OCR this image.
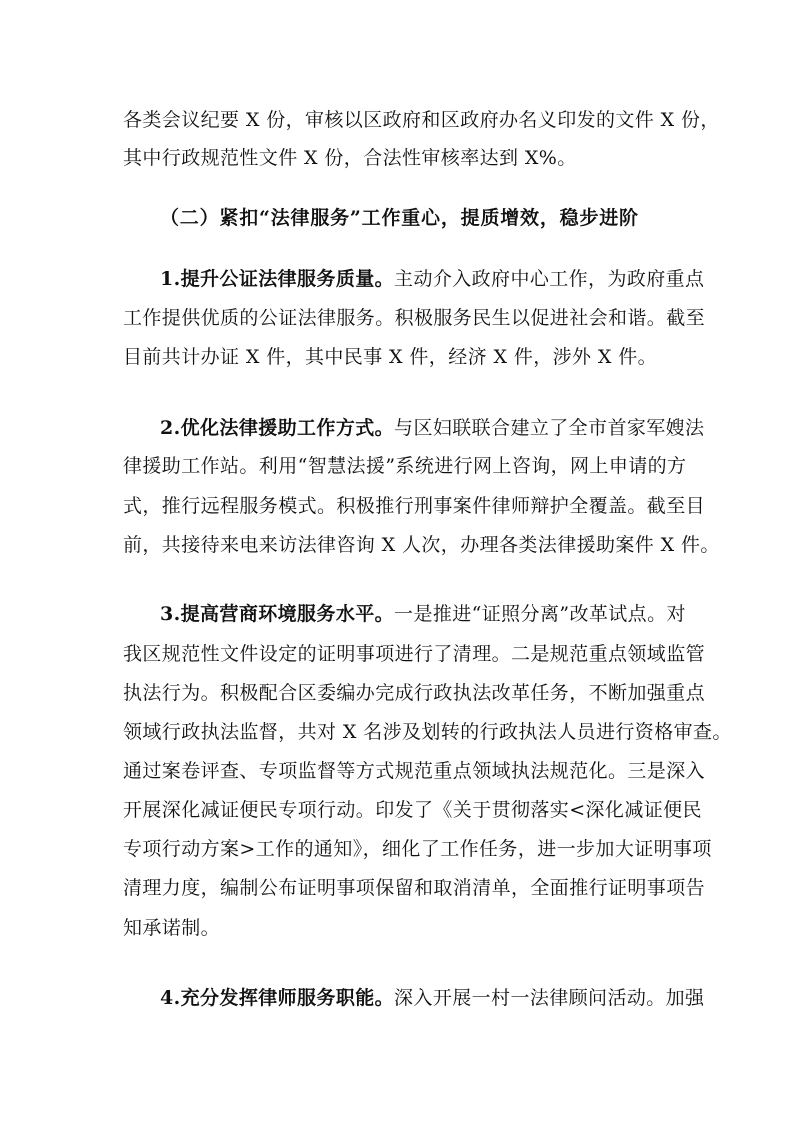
各类会议纪要 X 份，审核以区政府和区政府办名义印发的文件 X 份，
其中行政规范性文件 X 份，合法性审核率达到 X%。
（二）紧扣“法律服务”工作重心，提质增效，稳步进阶
1.提升公证法律服务质量。主动介入政府中心工作，为政府重点
工作提供优质的公证法律服务。积极服务民生以促进社会和谐。截至
目前共计办证 X 件，其中民事 X 件，经济 X 件，涉外 X 件。
2.优化法律援助工作方式。与区妇联联合建立了全市首家军嫂法
律援助工作站。利用“智慧法援”系统进行网上咨询，网上申请的方
式，推行远程服务模式。积极推行刑事案件律师辩护全覆盖。截至目
前，共接待来电来访法律咨询 X 人次，办理各类法律援助案件 X 件。
3.提高营商环境服务水平。一是推进“证照分离”改革试点。对
我区规范性文件设定的证明事项进行了清理。二是规范重点领域监管
执法行为。积极配合区委编办完成行政执法改革任务，不断加强重点
领域行政执法监督，共对 X 名涉及划转的行政执法人员进行资格审查。
通过案卷评查、专项监督等方式规范重点领域执法规范化。三是深入
开展深化减证便民专项行动。印发了《关于贯彻落实<深化减证便民
专项行动方案>工作的通知》，细化了工作任务，进一步加大证明事项
清理力度，编制公布证明事项保留和取消清单，全面推行证明事项告
知承诺制。
4.充分发挥律师服务职能。深入开展一村一法律顾问活动。加强
